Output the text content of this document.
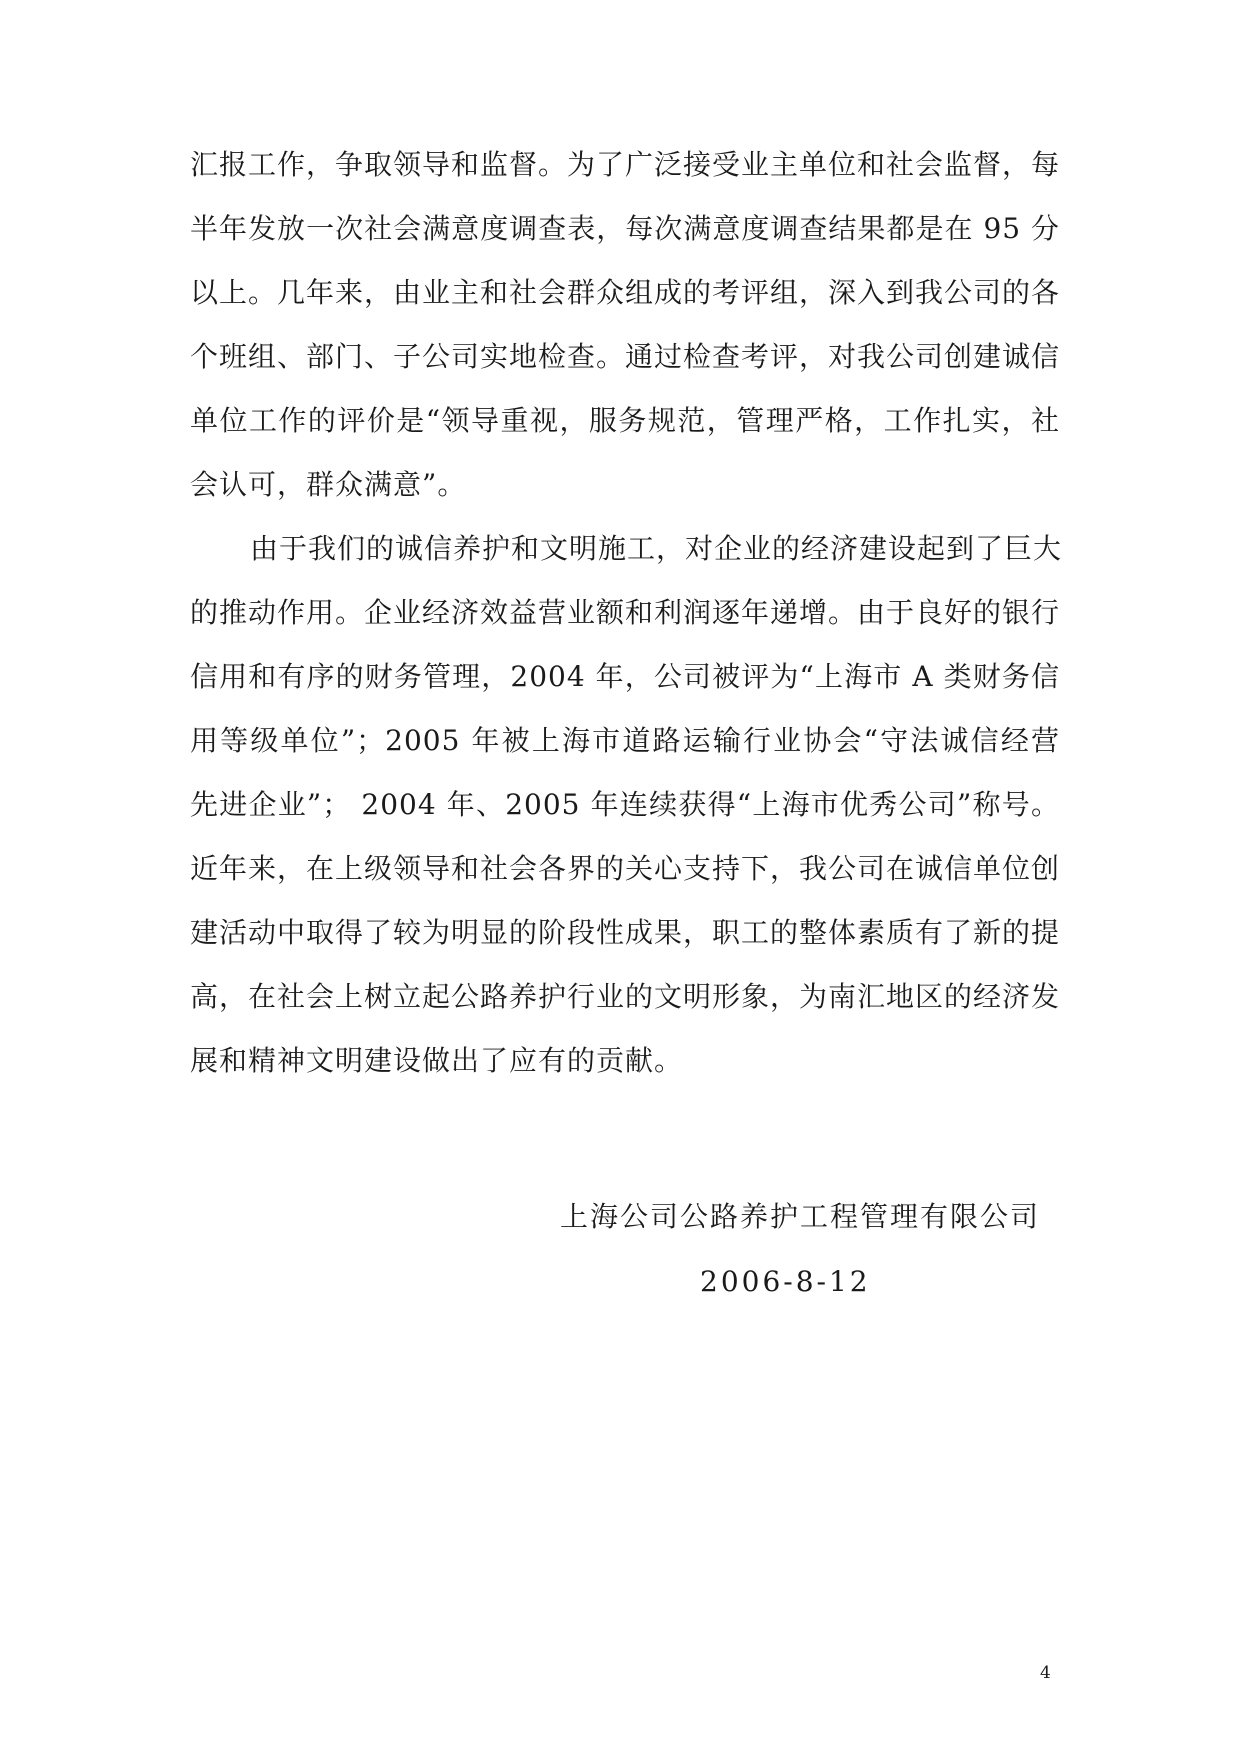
汇报工作，争取领导和监督。为了广泛接受业主单位和社会监督，每
半年发放一次社会满意度调查表，每次满意度调查结果都是在 95 分
以上。几年来，由业主和社会群众组成的考评组，深入到我公司的各
个班组、部门、子公司实地检查。通过检查考评，对我公司创建诚信
单位工作的评价是“领导重视，服务规范，管理严格，工作扎实，社
会认可，群众满意”。
由于我们的诚信养护和文明施工，对企业的经济建设起到了巨大
的推动作用。企业经济效益营业额和利润逐年递增。由于良好的银行
信用和有序的财务管理，2004 年，公司被评为“上海市 A 类财务信
用等级单位”；2005 年被上海市道路运输行业协会“守法诚信经营
先进企业”； 2004 年、2005 年连续获得“上海市优秀公司”称号。
近年来，在上级领导和社会各界的关心支持下，我公司在诚信单位创
建活动中取得了较为明显的阶段性成果，职工的整体素质有了新的提
高，在社会上树立起公路养护行业的文明形象，为南汇地区的经济发
展和精神文明建设做出了应有的贡献。
上海公司公路养护工程管理有限公司
2006-8-12
4
